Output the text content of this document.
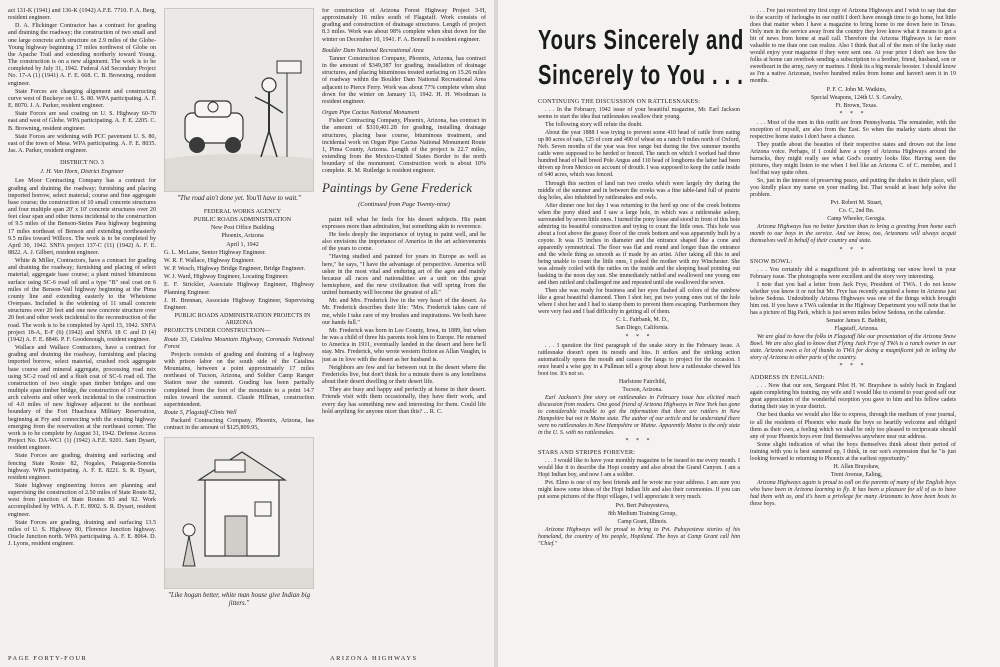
act 131-K (1941) and 136-K (1942) A.F.E. 7710. F. A. Berg, resident engineer.

D. A. Flickinger Contractor has a contract for grading and draining the roadway; the construction of two small and one large concrete arch structure on 2.9 miles of the Globe-Young highway beginning 17 miles northwest of Globe on the Apache Trail and extending northerly toward Young. The construction is on a new alignment. The work is to be completed by July 31, 1942. Federal Aid Secondary Project No. 17-A (1) (1941) A. F. E. 668. C. B. Browning, resident engineer.

State Forces are changing alignment and constructing curve west of Buckeye on U. S. 80. WPA participating. A. F. E. 8070. J. A. Parker, resident engineer.

State Forces are seal coating on U. S. Highway 60-70 east and west of Globe. WPA participating. A. F. E. 2205. C. B. Browning, resident engineer.

State Forces are widening with PCC pavement U. S. 80, east of the town of Mesa. WPA participating. A. F. E. 8035. Jas. A. Parker, resident engineer.

DISTRICT NO. 3
J. H. Van Horn, District Engineer

Lee Moor Contracting Company has a contract for grading and draining the roadway; furnishing and placing imported borrow, select material; course and fine aggregate base course; the construction of 10 small concrete structures and four multiple span 20' x 10' concrete structures over 20 feet clear span and other items incidental to the construction of 9.5 miles of the Benson-Steins Pass highway beginning 17 miles northeast of Benson and extending northeasterly 9.5 miles toward Willcox. The work is to be completed by April 30, 1942. SNFA project 137-C (11) (1942) A. F. E. 8822. A. J. Gilbert, resident engineer.

White & Miller, Contractors, have a contract for grading and draining the roadway; furnishing and placing of select material; aggregate base course; a plant mixed bituminous surface using SC-6 road oil and a type "B" seal coat on 6 miles of the Benson-Vail highway beginning at the Pima county line and extending easterly to the Whetstone Overpass. Included is the widening of 11 small concrete structures over 20 feet and one new concrete structure over 20 feet and other work incidental to the reconstruction of the road. The work is to be completed by April 15, 1942. SNFA project 18-A, E-F (6) (1942) and SNFA 18 C and D (4) (1942) A. F. E. 8846. P. F. Goodenough, resident engineer.

Wallace and Wallace Contractors, have a contract for grading and draining the roadway, furnishing and placing imported borrow, select material, crushed rock aggregate base course and mineral aggregate, processing road mix using SC-2 road oil and a flush coat of SC-6 road oil. The construction of two single span timber bridges and one multiple span timber bridge, the construction of 17 concrete arch culverts and other work incidental to the construction of 4.0 miles of new highway adjacent to the northeast boundary of the Fort Huachuca Military Reservation, beginning at Fry and connecting with the existing highway emerging from the reservation at the northeast corner. The work is to be complete by August 31, 1942. Defense Access Project No. DA-WC1 (1) (1942) A.F.E. 9201. Sam Dysart, resident engineer.

State Forces are grading, draining and surfacing and fencing State Route 82, Nogales, Patagonia-Sonoita highway. WPA participating. A. F. E. 8221. S. R. Dysart, resident engineer.

State highway engineering forces are planning and supervising the construction of 2.50 miles of State Route 82, west from junction of State Routes 83 and 92. Work accomplished by WPA. A. F. E. 8902. S. R. Dysart, resident engineer.

State Forces are grading, draining and surfacing 13.5 miles of U. S. Highway 80, Florence Junction highway. Oracle Junction north. WPA participating. A. F. E. 8064. D. J. Lyons, resident engineer.

"The road ain't done yet. You'll have to wait."

FEDERAL WORKS AGENCY

PUBLIC ROADS ADMINISTRATION

New Post Office Building

Phoenix, Arizona

April 1, 1942

G. L. McLane, Senior Highway Engineer.

W. R. F. Wallace, Highway Engineer.

W. P. Wesch, Highway Bridge Engineer, Bridge Engineer.

W. J. Ward, Highway Engineer, Locating Engineer.

E. F. Strickler, Associate Highway Engineer, Highway Planning Engineer.

J. H. Brennan, Associate Highway Engineer, Supervising Engineer.

PUBLIC ROADS ADMINISTRATION PROJECTS IN ARIZONA

PROJECTS UNDER CONSTRUCTION—

Route 33, Catalina Mountain Highway, Coronado National Forest

Projects consists of grading and draining of a highway with prison labor on the south side of the Catalina Mountains, between a point approximately 17 miles northeast of Tucson, Arizona, and Soldier Camp Ranger Station near the summit. Grading has been partially completed from the foot of the mountain to a point 14.7 miles toward the summit. Claude Hillman, construction superintendent.

Route 5, Flagstaff-Clints Well

Packard Contracting Company, Phoenix, Arizona, has contract in the amount of $125,809.95,

"Like hogan better, white man house give Indian big jitters."

for construction of Arizona Forest Highway Project 3-H, approximately 16 miles south of Flagstaff. Work consists of grading and construction of drainage structures. Length of project 8.3 miles. Work was about 98% complete when shut down for the winter on December 10, 1941. F. A. Bonnell is resident engineer.

Boulder Dam National Recreational Area

Tanner Construction Company, Phoenix, Arizona, has contract in the amount of $349,387 for grading, installation of drainage structures, and placing bituminous treated surfacing on 15.26 miles of roadway within the Boulder Dam National Recreational Area adjacent to Pierce Ferry. Work was about 77% complete when shut down for the winter on January 13, 1942. H. H. Woodman is resident engineer.

Organ Pipe Cactus National Monument

Fisher Contracting Company, Phoenix, Arizona, has contract in the amount of $310,401.28 for grading, installing drainage structures, placing base course, bituminous treatment, and incidental work on Organ Pipe Cactus National Monument Route 1, Pima County, Arizona. Length of the project is 22.7 miles, extending from the Mexico-United States Border to the north boundary of the monument. Construction work is about 10% complete. R. M. Rutledge is resident engineer.

Paintings by Gene Frederick
(Continued from Page Twenty-nine)

paint tell what he feels for his desert subjects. His paint expresses more than admiration, but something akin to reverence.

He feels deeply the importance of trying to paint well, and he also envisions the importance of America in the art achievements of the years to come.

"Having studied and painted for years in Europe as well as here," he says, "I have the advantage of perspective. America will usher in the most vital and enduring art of the ages and mainly because all races and nationalities are a unit on this great hemisphere, and the new civilization that will spring from the united humanity will become the greatest of all."

Mr. and Mrs. Frederick live in the very heart of the desert. As Mr. Frederick describes their life: "Mrs. Frederick takes care of me, while I take care of my brushes and inspirations. We both have our hands full."

Mr. Frederick was born in Lee County, Iowa, in 1889, but when he was a child of three his parents took him to Europe. He returned to America in 1911, eventually landed in the desert and here he'll stay. Mrs. Frederick, who wrote western fiction as Allan Vaughn, is just as in love with the desert as her husband is.

Neighbors are few and far between out in the desert where the Fredericks live, but don't think for a minute there is any loneliness about their desert dwelling or their desert life.

They are busy and happy and perfectly at home in their desert. Friends visit with them occasionally, they have their work, and every day has something new and interesting for them. Could life hold anything for anyone nicer than this? ... R. C.

PAGE FORTY-FOUR	ARIZONA HIGHWAYS
Yours Sincerely and
Sincerely to You . . .
CONTINUING THE DISCUSSION ON RATTLESNAKES:

. . . In the February, 1942 issue of your beautiful magazine, Mr. Earl Jackson seems to start the idea that rattlesnakes swallow their young.

The following story will refute the doubt.

About the year 1888 I was trying to prevent some 410 head of cattle from eating up 80 acres of oats, 125 of corn and 490 of wheat on a ranch 9 miles north of Oxford, Neb. Seven months of the year was free range but during the five summer months cattle were supposed to be herded or fenced. The ranch on which I worked had three hundred head of half breed Pole Angus and 110 head of longhorns the latter had been driven up from Mexico on account of drouth. I was supposed to keep the cattle inside of 640 acres, which was fenced.

Through this section of land ran two creeks which were largely dry during the middle of the summer and in between the creeks was a fine table-land full of prairie dog holes, also inhabited by rattlesnakes and owls.

After dinner one hot day I was returning to the herd up one of the creek bottoms when the pony shied and I saw a large hole, in which was a rattlesnake asleep, surrounded by seven little ones. I turned the pony loose and stood in front of this hole admiring its beautiful construction and trying to count the little ones. This hole was about a foot above the grassy floor of the creek bottom and was apparently built by a coyote. It was 15 inches in diameter and the entrance shaped like a cone and apparently symmetrical. The floor was flat and round and longer than the entrance and the whole thing as smooth as if made by an artist. After taking all this in and being unable to count the little ones, I poked the mother with my Winchester. She was already coiled with the rattles on the inside and the sleeping head pointing out basking in the noon day sun. She immediately rattled and swallowed one young one and then rattled and challenged me and repeated until she swallowed the seven.

Then she was ready for business and her eyes flashed all colors of the rainbow like a great beautiful diamond. Then I shot her, put two young ones out of the hole where I shot her and I had to stamp them to prevent them escaping. Furthermore they were very fast and I had difficulty in getting all of them.

C. L. Fairbank, M. D.,

San Diego, California.

* * *

. . . I question the first paragraph of the snake story in the February issue. A rattlesnake doesn't open its mouth and hiss. It strikes and the striking action automatically opens the mouth and causes the fangs to project for the occasion. I once heard a wise guy in a Pullman tell a group about how a rattlesnake chewed his boot toe. It's not so.

Harlstone Fairchild,

Tucson, Arizona.

Earl Jackson's fine story on rattlesnakes in February issue has elicited much discussion from readers. One good friend of Arizona Highways in New York has gone to considerable trouble to get the information that there are rattlers in New Hampshire but not in Maine state. The author of our article and he understand there were no rattlesnakes in New Hampshire or Maine. Apparently Maine is the only state in the U. S. with no rattlesnakes.

* * *
STARS AND STRIPES FOREVER:

. . . I would like to have your monthly magazine to be issued to me every month. I would like it to describe the Hopi country and also about the Grand Canyon. I am a Hopi Indian boy, and now I am a soldier.

Pvt. Elmo is one of my best friends and he wrote me your address. I am sure you might know some ideas of the Hopi Indian life and also their ceremonies. If you can put some pictures of the Hopi villages, I will appreciate it very much.

Pvt. Bert Puhuyesteva,

8th Medium Training Group,

Camp Grant, Illinois.

Arizona Highways will be proud to bring to Pvt. Puhuyesteva stories of his homeland, the country of his people, Hopiland. The boys at Camp Grant call him "Chief."

. . . I've just received my first copy of Arizona Highways and I wish to say that due to the scarcity of furloughs in our outfit I don't have enough time to go home, but little does that matter when I have a magazine to bring home to me down here in Texas. Only men in the service away from the country they love know what it means to get a bit of news from home at mail call. Therefore the Arizona Highways is far more valuable to me than one can realize. Also I think that all of the men of the lucky state would enjoy your magazine if they were sent one. At your price I don't see how the folks at home can overlook sending a subscription to a brother, friend, husband, son or sweetheart in the army, navy or marines. I think its a big morale booster. I should know as I'm a native Arizonan, twelve hundred miles from home and haven't seen it in 19 months.

P. F. C. John M. Watkins,

Special Weapons, 124th U. S. Cavalry,

Ft. Brown, Texas.

* * *

. . . Most of the men in this outfit are from Pennsylvania. The remainder, with the exception of myself, are also from the East. So when the malarky starts about the respective home states I don't have a chance.

They prattle about the beauties of their respective states and drown out the lone Arizona voice. Perhaps, if I could have a copy of Arizona Highways around the barracks, they might really see what God's country looks like. Having seen the pictures, they might listen to me when I feel like an Arizona C. of C. member, and I feel that way quite often.

So, just in the interest of preserving peace, and putting the dudes in their place, will you kindly place my name on your mailing list. That would at least help solve the problem.

Pvt. Robert M. Stuart,

Co. C, 2nd Bn.

Camp Wheeler, Georgia.

Arizona Highways has no better function than to bring a greeting from home each month to our boys in the service. And we know, too, Arizonans will always acquit themselves well in behalf of their country and state.

* * *
SNOW BOWL:

. . . You certainly did a magnificent job in advertising our snow bowl in your February issue. The photographs were excellent and the story very interesting.

I note that you had a letter from Jack Frye, President of TWA. I do not know whether you know it or not but Mr. Frye has recently acquired a home in Arizona just below Sedona. Undoubtedly Arizona Highways was one of the things which brought him out. If you have a TWA calendar in the Highway Department you will note that he has a picture of Big Park, which is just seven miles below Sedona, on the calendar.

Senator James E. Babbitt,

Flagstaff, Arizona.

We are glad to have the folks in Flagstaff like our presentation of the Arizona Snow Bowl. We are also glad to know that Flying Jack Frye of TWA is a ranch owner in our state. Arizona owes a lot of thanks to TWA for doing a magnificent job in telling the story of Arizona to other parts of the country.

* * *
ADDRESS IN ENGLAND:

. . . Now that our son, Sergeant Pilot H. W. Brayshaw is safely back in England again completing his training, my wife and I would like to extend to your good self our great appreciation of the wonderful reception you gave to him and his fellow cadets during their stay in your district.

Our best thanks we would also like to express, through the medium of your journal, to all the residents of Phoenix who made the boys so heartily welcome and obliged them as their own, a feeling which we shall be only too pleased to reciprocate should any of your Phoenix boys ever find themselves anywhere near our address.

Some slight indication of what the boys themselves think about their period of training with you is best summed up, I think, in our son's expression that he "is just looking forward to returning to Phoenix at the earliest opportunity."

H. Allan Brayshaw,

Trent Avenue, Ealing,

Arizona Highways again is proud to call on the parents of many of the English boys who have been in Arizona learning to fly. It has been a pleasure for all of us to have had them with us, and it's been a privilege for many Arizonans to have been hosts to these boys.
